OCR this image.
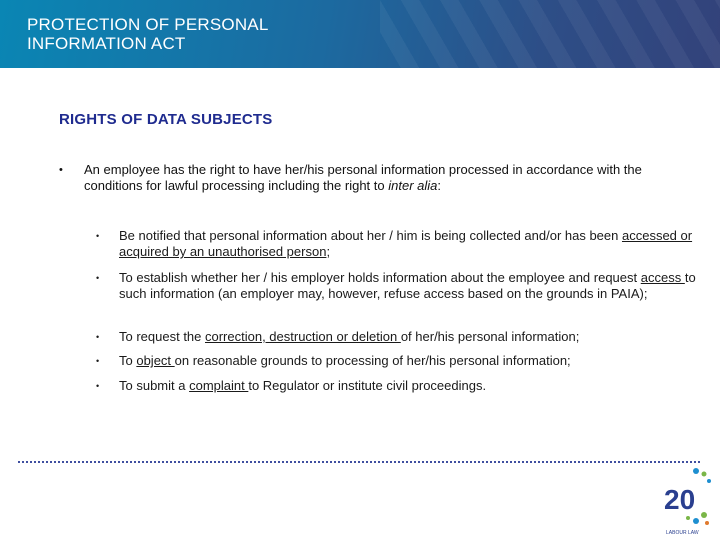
PROTECTION OF PERSONAL
INFORMATION ACT
RIGHTS OF DATA SUBJECTS
• An employee has the right to have her/his personal information processed in accordance with the conditions for lawful processing including the right to inter alia:
• Be notified that personal information about her / him is being collected and/or has been accessed or acquired by an unauthorised person;
• To establish whether her / his employer holds information about the employee and request access to such information (an employer may, however, refuse access based on the grounds in PAIA);
• To request the correction, destruction or deletion of her/his personal information;
• To object on reasonable grounds to processing of her/his personal information;
• To submit a complaint to Regulator or institute civil proceedings.
20
LABOUR LAW
